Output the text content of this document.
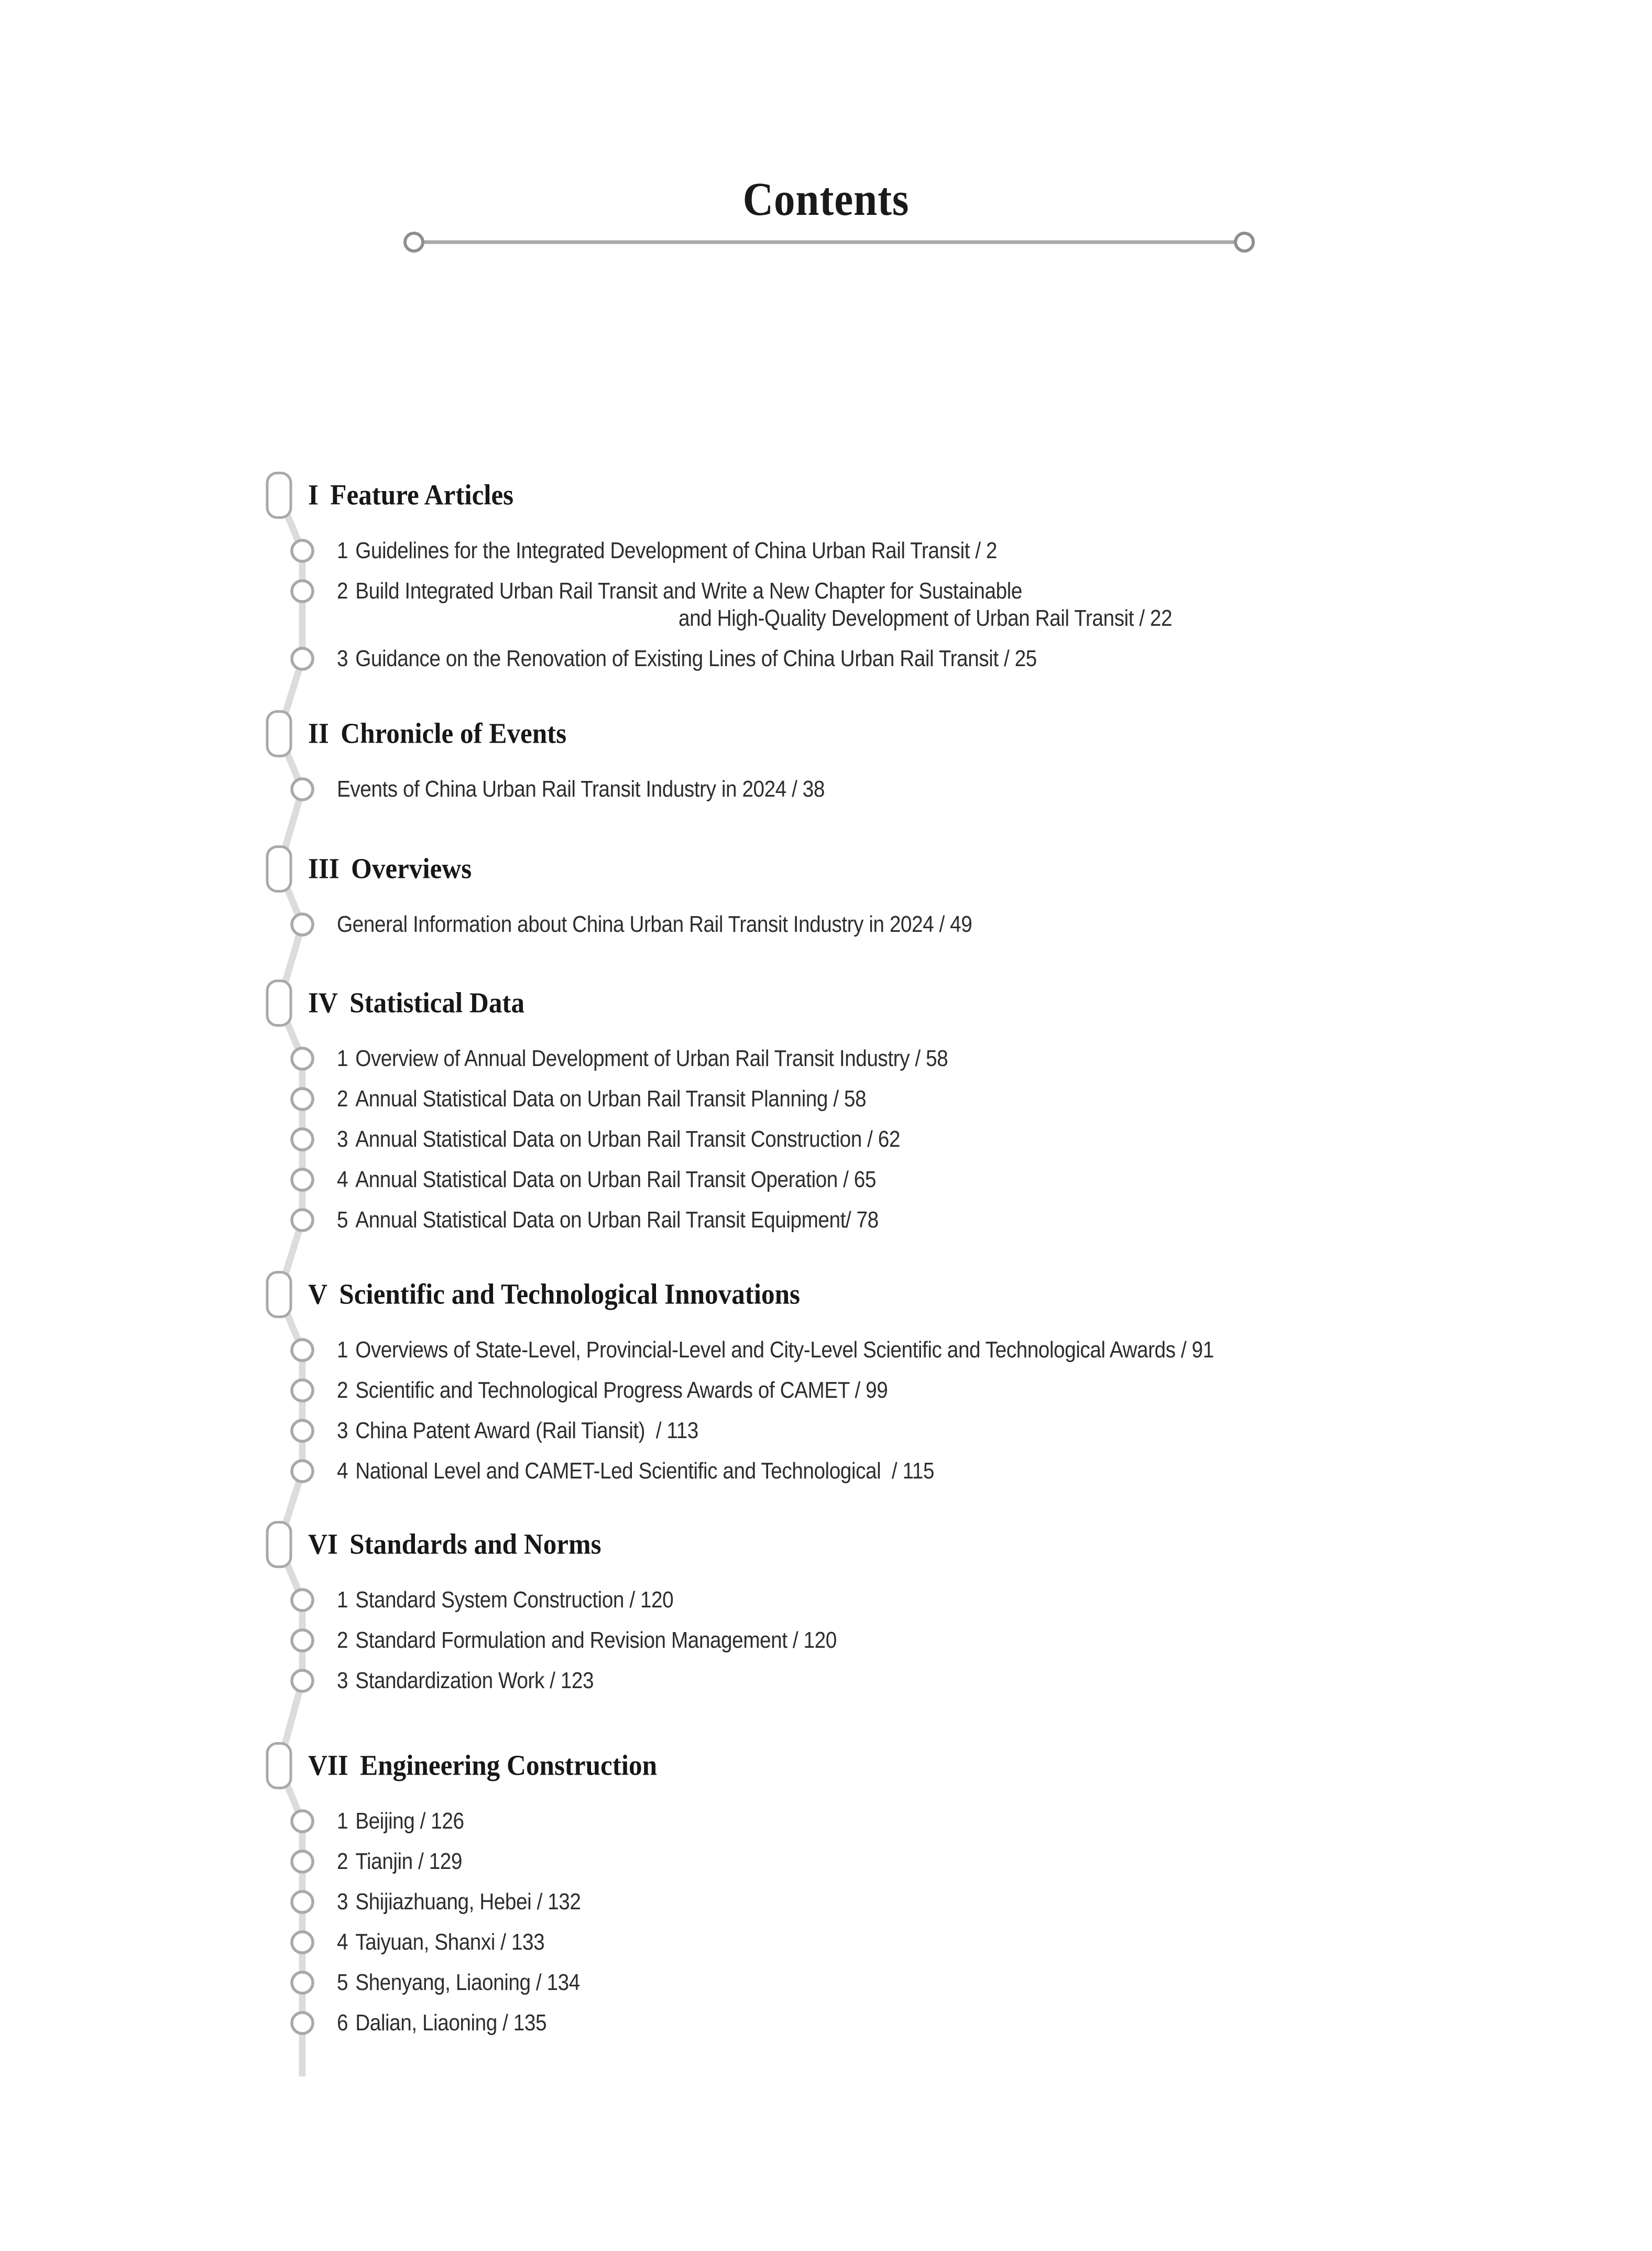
Contents
I Feature Articles
1 Guidelines for the Integrated Development of China Urban Rail Transit / 2
2 Build Integrated Urban Rail Transit and Write a New Chapter for Sustainable
and High-Quality Development of Urban Rail Transit / 22
3 Guidance on the Renovation of Existing Lines of China Urban Rail Transit / 25
II Chronicle of Events
Events of China Urban Rail Transit Industry in 2024 / 38
III Overviews
General Information about China Urban Rail Transit Industry in 2024 / 49
IV Statistical Data
1 Overview of Annual Development of Urban Rail Transit Industry / 58
2 Annual Statistical Data on Urban Rail Transit Planning / 58
3 Annual Statistical Data on Urban Rail Transit Construction / 62
4 Annual Statistical Data on Urban Rail Transit Operation / 65
5 Annual Statistical Data on Urban Rail Transit Equipment/ 78
V Scientific and Technological Innovations
1 Overviews of State-Level, Provincial-Level and City-Level Scientific and Technological Awards / 91
2 Scientific and Technological Progress Awards of CAMET / 99
3 China Patent Award (Rail Tiansit)  / 113
4 National Level and CAMET-Led Scientific and Technological  / 115
VI Standards and Norms
1 Standard System Construction / 120
2 Standard Formulation and Revision Management / 120
3 Standardization Work / 123
VII Engineering Construction
1 Beijing / 126
2 Tianjin / 129
3 Shijiazhuang, Hebei / 132
4 Taiyuan, Shanxi / 133
5 Shenyang, Liaoning / 134
6 Dalian, Liaoning / 135
